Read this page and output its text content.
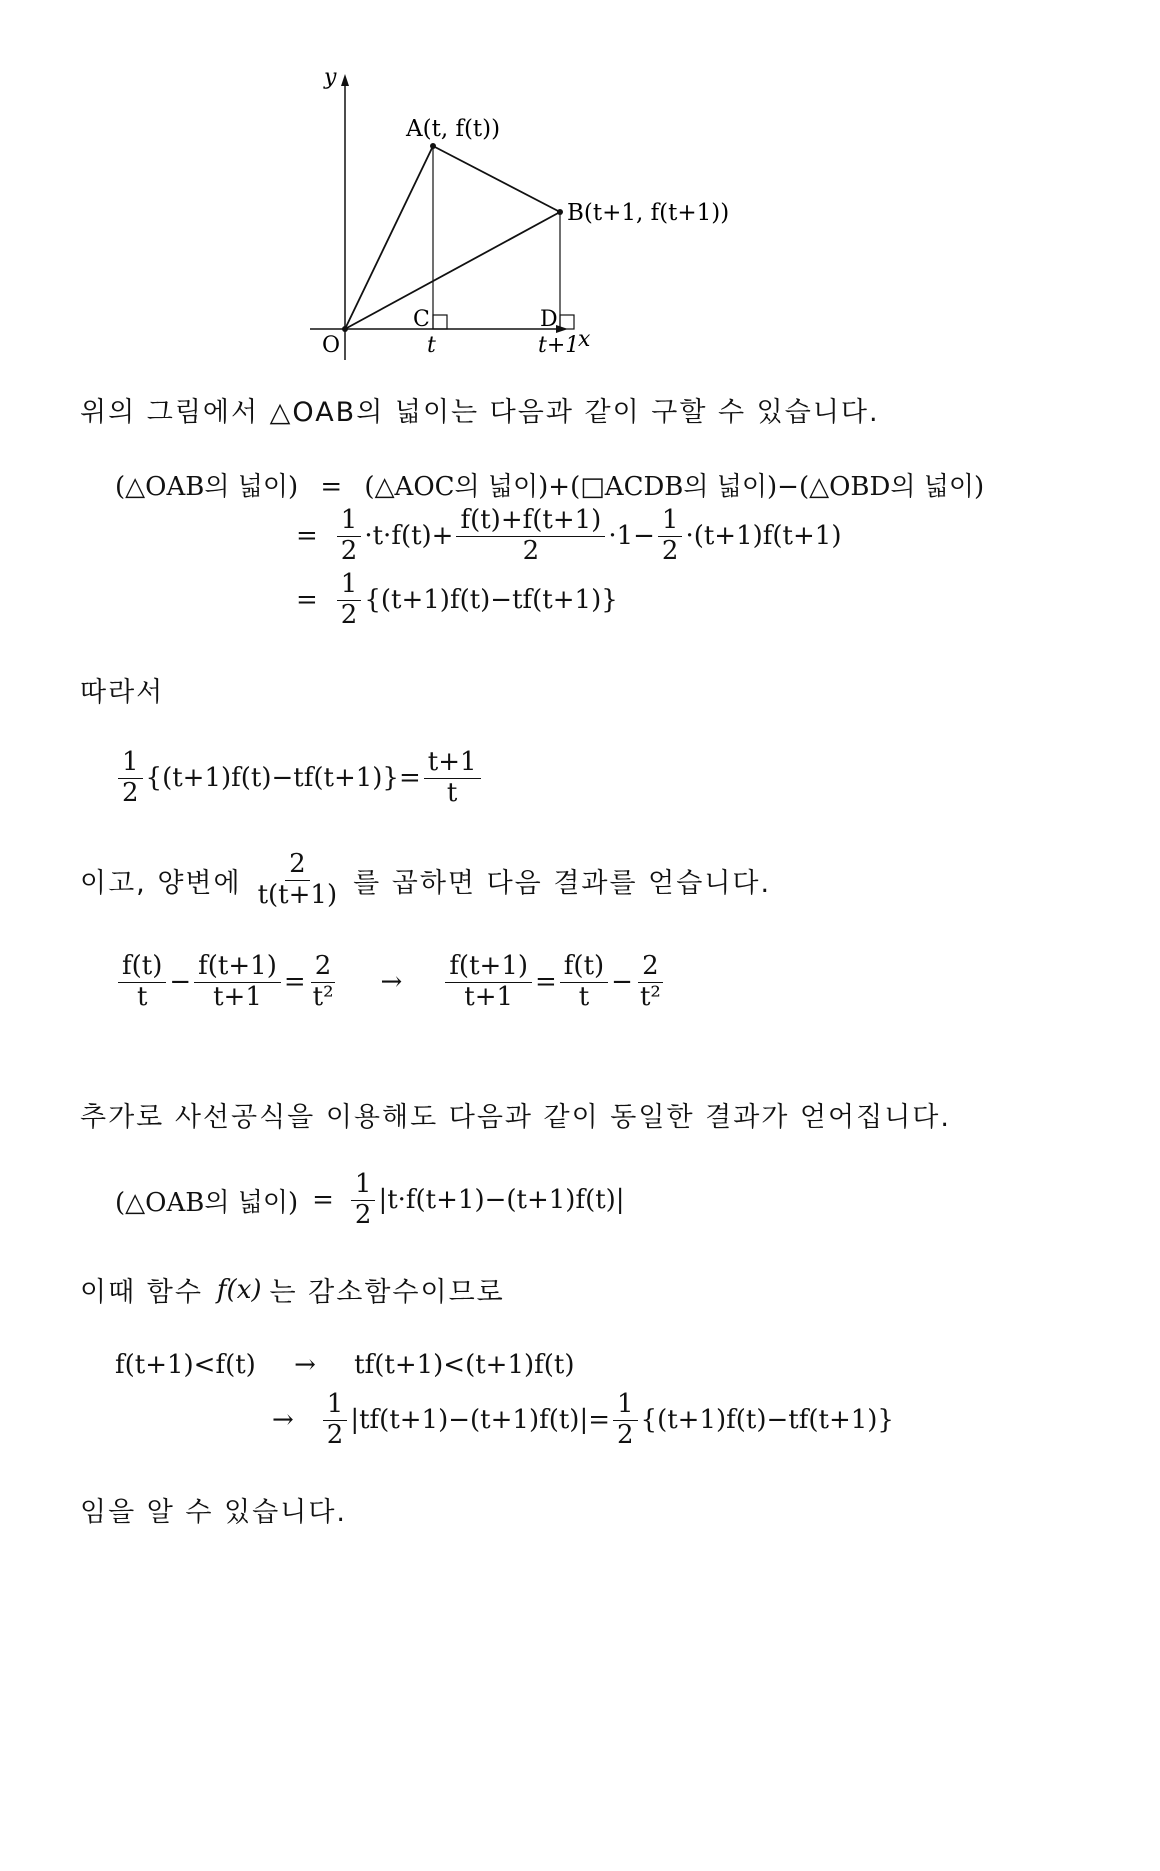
y
A(t, f(t))
B(t+1, f(t+1))
C	D
O	t	t+1
x
위의 그림에서 △OAB의 넓이는 다음과 같이 구할 수 있습니다.
(△OAB의 넓이) = (△AOC의 넓이)+(□ACDB의 넓이)−(△OBD의 넓이)
= $\frac{1}{2} \cdot t\cdot f(t)+ \frac{f(t)+f(t+1)}{2} \cdot 1- \frac{1}{2} \cdot(t+1)f(t+1)$
= $\frac{1}{2} \{(t+1)f(t)-tf(t+1)\}$
따라서
$\frac{1}{2} \{(t+1)f(t)-tf(t+1)\}= \frac{t+1}{t}$
이고, 양변에 $\frac{2}{t(t+1)}$ 를 곱하면 다음 결과를 얻습니다.
$\frac{f(t)}{t} - \frac{f(t+1)}{t+1} = \frac{2}{\text{t²}} \to \frac{f(t+1)}{t+1} = \frac{f(t)}{t} - \frac{2}{\text{t²}}$
추가로 사선공식을 이용해도 다음과 같이 동일한 결과가 얻어집니다.
(△OAB의 넓이) = $\frac{1}{2} |t\cdot f(t+1)-(t+1)f(t)|$
이때 함수 f(x) 는 감소함수이므로
f(t+1)<f(t) → tf(t+1)<(t+1)f(t)
→ $\frac{1}{2} |tf(t+1)-(t+1)f(t)|= \frac{1}{2} \{(t+1)f(t)-tf(t+1)\}$
임을 알 수 있습니다.
